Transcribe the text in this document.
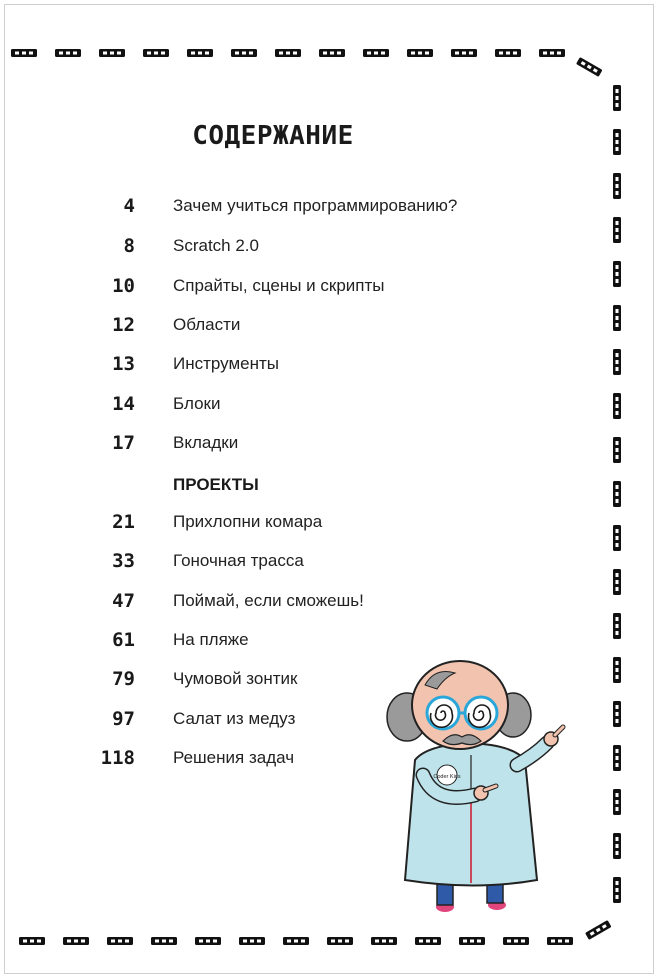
СОДЕРЖАНИЕ
4 Зачем учиться программированию?
8 Scratch 2.0
10 Спрайты, сцены и скрипты
12 Области
13 Инструменты
14 Блоки
17 Вкладки
ПРОЕКТЫ
21 Прихлопни комара
33 Гоночная трасса
47 Поймай, если сможешь!
61 На пляже
79 Чумовой зонтик
97 Салат из медуз
118 Решения задач
Coder Kids
